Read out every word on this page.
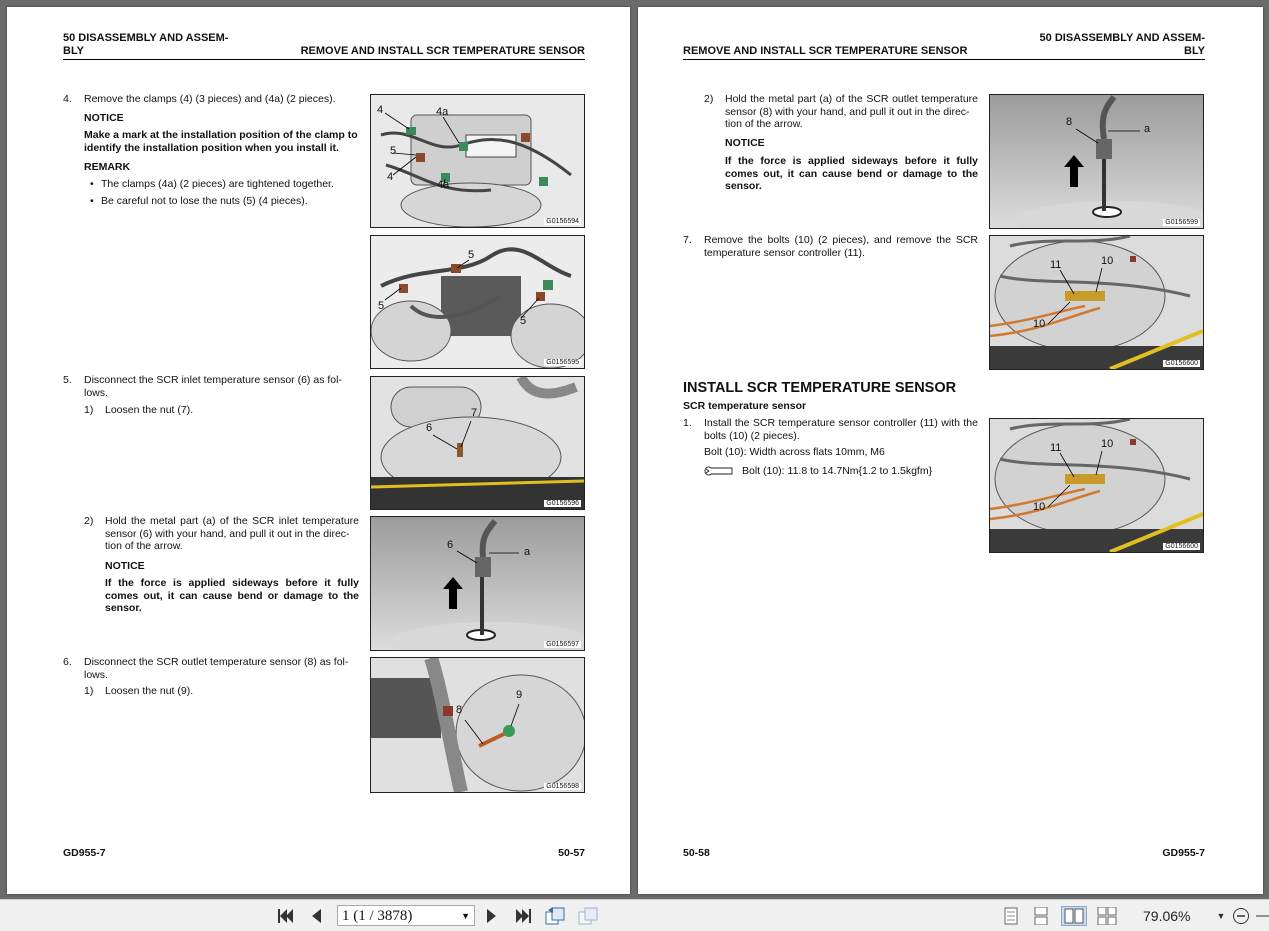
50 DISASSEMBLY AND ASSEM-
BLY	REMOVE AND INSTALL SCR TEMPERATURE SENSOR
4. Remove the clamps (4) (3 pieces) and (4a) (2 pieces).
NOTICE
Make a mark at the installation position of the clamp to identify the installation position when you install it.
REMARK
• The clamps (4a) (2 pieces) are tightened together.
• Be careful not to lose the nuts (5) (4 pieces).
4	4a
5
4
4a
G0156594
5
5
5
G0156595
5. Disconnect the SCR inlet temperature sensor (6) as fol-
lows.
1) Loosen the nut (7).
6
7
G0156596
2) Hold the metal part (a) of the SCR inlet temperature sensor (6) with your hand, and pull it out in the direc-
tion of the arrow.
NOTICE
If the force is applied sideways before it fully comes out, it can cause bend or damage to the sensor.
6
a
G0156597
6. Disconnect the SCR outlet temperature sensor (8) as fol-
lows.
1) Loosen the nut (9).
8
9
G0156598
GD955-7	50-57
REMOVE AND INSTALL SCR TEMPERATURE SENSOR
50 DISASSEMBLY AND ASSEM-
BLY
2) Hold the metal part (a) of the SCR outlet temperature sensor (8) with your hand, and pull it out in the direc-
tion of the arrow.
NOTICE
If the force is applied sideways before it fully comes out, it can cause bend or damage to the sensor.
8
a
G0156599
7. Remove the bolts (10) (2 pieces), and remove the SCR temperature sensor controller (11).
11	10
10
G0156600
INSTALL SCR TEMPERATURE SENSOR
SCR temperature sensor
1. Install the SCR temperature sensor controller (11) with the bolts (10) (2 pieces).
Bolt (10): Width across flats 10mm, M6
Bolt (10): 11.8 to 14.7Nm{1.2 to 1.5kgfm}
11	10
10
G0156600
50-58	GD955-7
1 (1 / 3878)	▼	79.06%	▼
